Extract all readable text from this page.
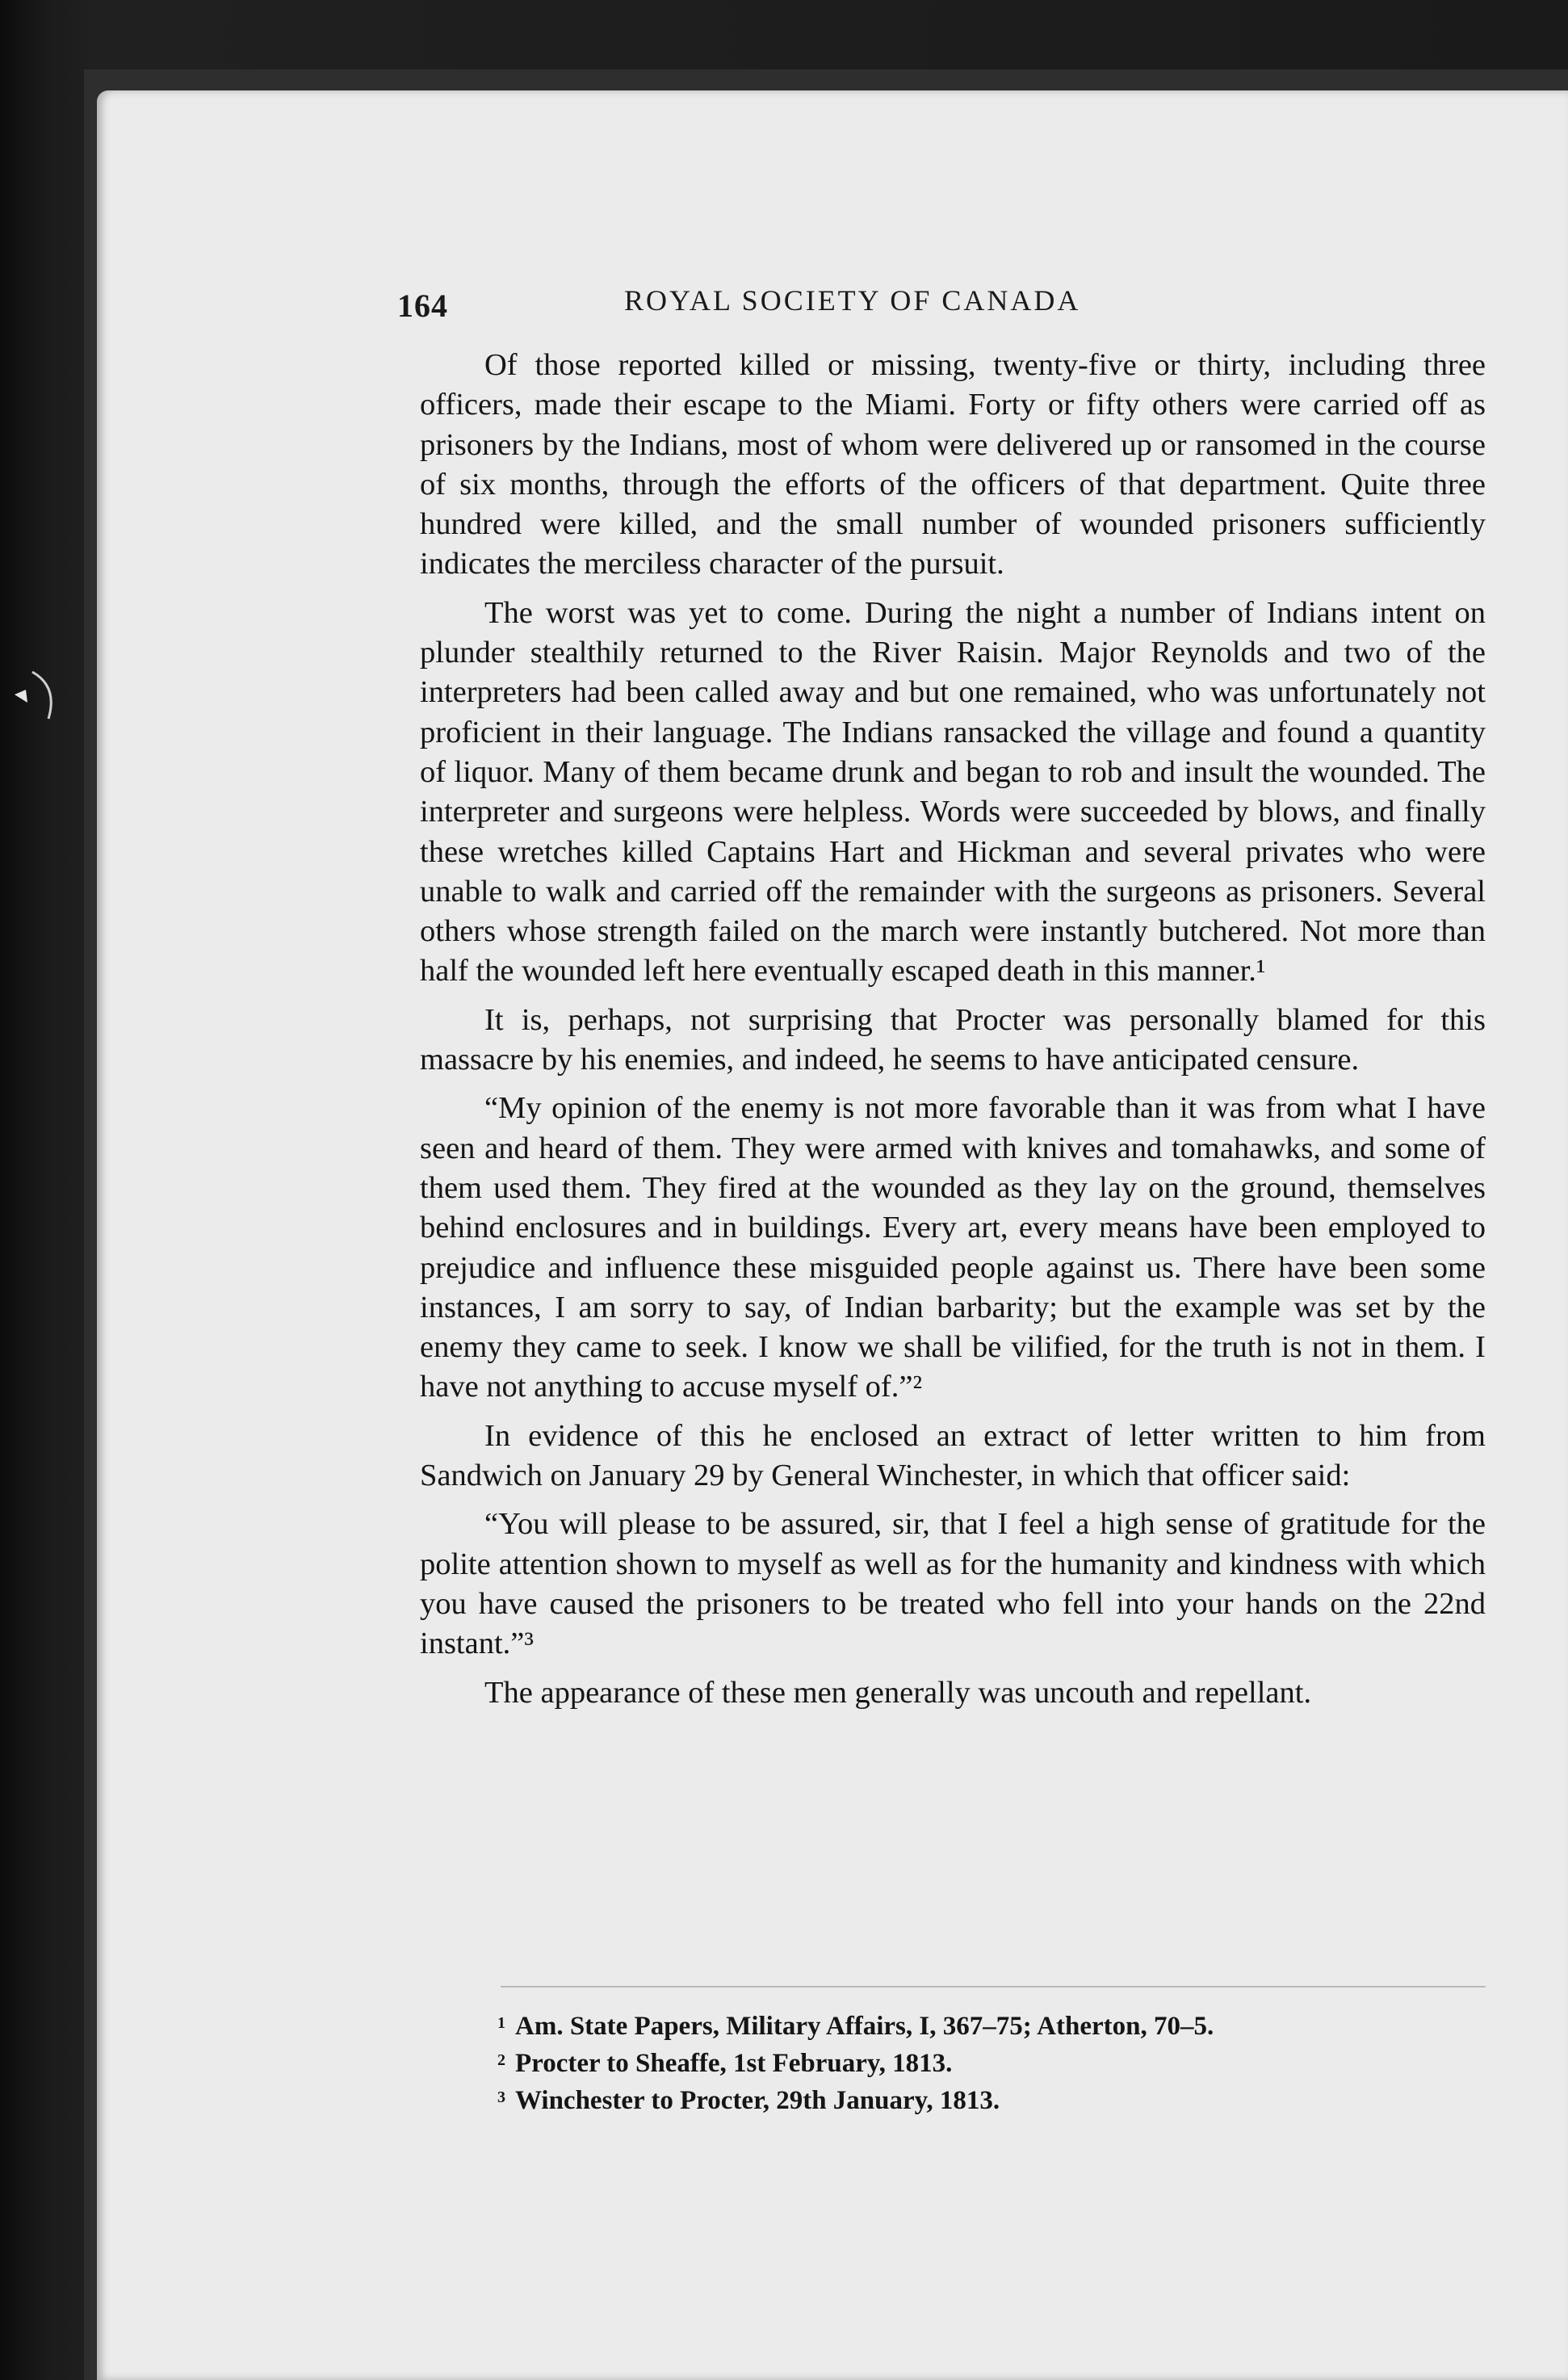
164	ROYAL SOCIETY OF CANADA

Of those reported killed or missing, twenty-five or thirty, including three officers, made their escape to the Miami. Forty or fifty others were carried off as prisoners by the Indians, most of whom were delivered up or ransomed in the course of six months, through the efforts of the officers of that department. Quite three hundred were killed, and the small number of wounded prisoners sufficiently indicates the merciless character of the pursuit.

The worst was yet to come. During the night a number of Indians intent on plunder stealthily returned to the River Raisin. Major Reynolds and two of the interpreters had been called away and but one remained, who was unfortunately not proficient in their language. The Indians ransacked the village and found a quantity of liquor. Many of them became drunk and began to rob and insult the wounded. The interpreter and surgeons were helpless. Words were succeeded by blows, and finally these wretches killed Captains Hart and Hickman and several privates who were unable to walk and carried off the remainder with the surgeons as prisoners. Several others whose strength failed on the march were instantly butchered. Not more than half the wounded left here eventually escaped death in this manner.¹

It is, perhaps, not surprising that Procter was personally blamed for this massacre by his enemies, and indeed, he seems to have anticipated censure.

“My opinion of the enemy is not more favorable than it was from what I have seen and heard of them. They were armed with knives and tomahawks, and some of them used them. They fired at the wounded as they lay on the ground, themselves behind enclosures and in buildings. Every art, every means have been employed to prejudice and influence these misguided people against us. There have been some instances, I am sorry to say, of Indian barbarity; but the example was set by the enemy they came to seek. I know we shall be vilified, for the truth is not in them. I have not anything to accuse myself of.”²

In evidence of this he enclosed an extract of letter written to him from Sandwich on January 29 by General Winchester, in which that officer said:

“You will please to be assured, sir, that I feel a high sense of gratitude for the polite attention shown to myself as well as for the humanity and kindness with which you have caused the prisoners to be treated who fell into your hands on the 22nd instant.”³

The appearance of these men generally was uncouth and repellant.

$^1$ Am. State Papers, Military Affairs, I, 367–75; Atherton, 70–5.
$^2$ Procter to Sheaffe, 1st February, 1813.
$^3$ Winchester to Procter, 29th January, 1813.
